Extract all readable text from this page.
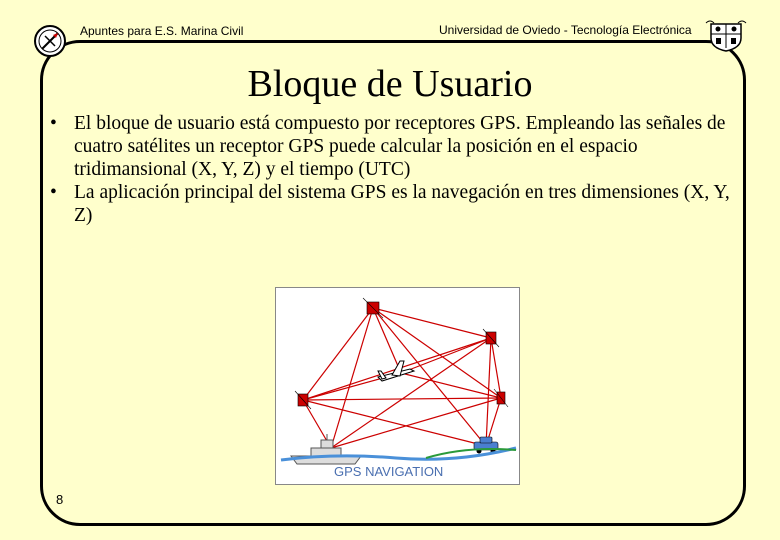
Apuntes para E.S. Marina Civil	Universidad de Oviedo - Tecnología Electrónica
Bloque de Usuario
• El bloque de usuario está compuesto por receptores GPS. Empleando las señales de cuatro satélites un receptor GPS puede calcular la posición en el espacio tridimansional (X, Y, Z) y el tiempo (UTC)
• La aplicación principal del sistema GPS es la navegación en tres dimensiones (X, Y, Z)
GPS NAVIGATION
8
